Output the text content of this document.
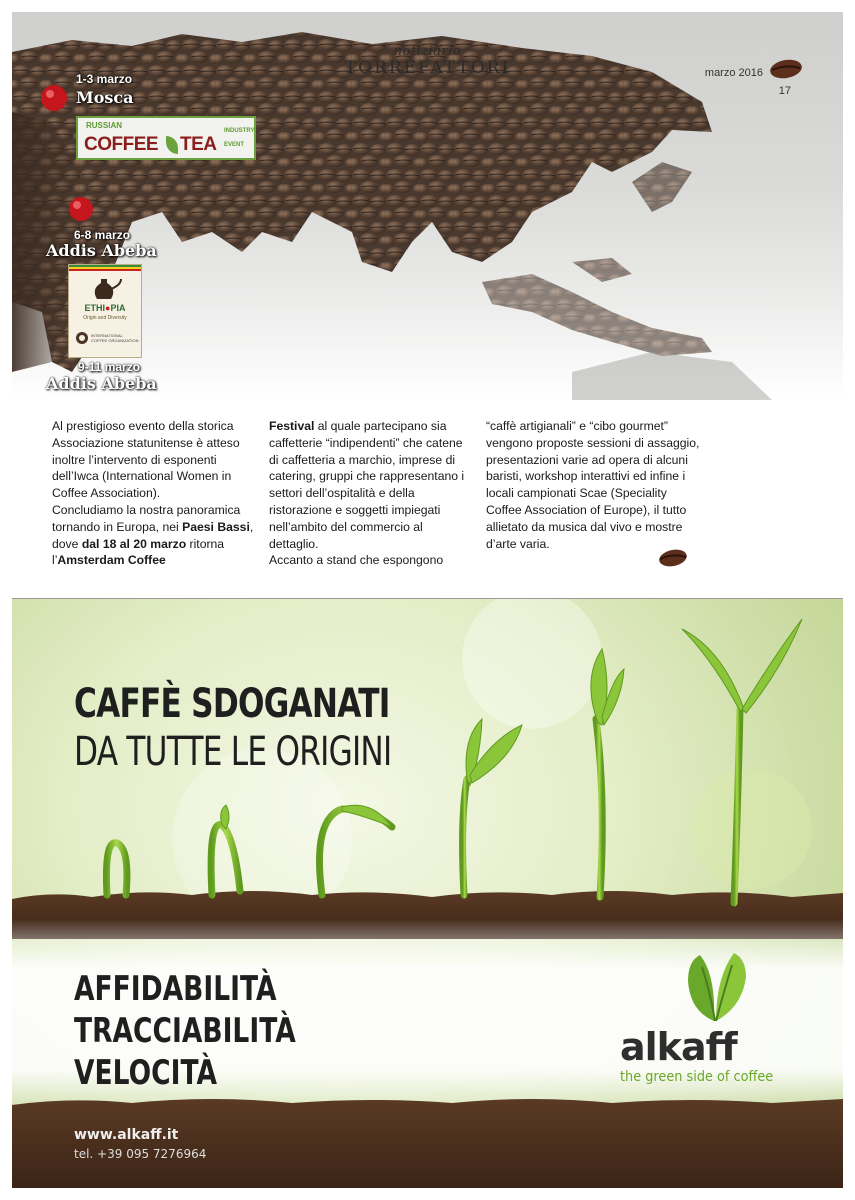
notiziario
TORREFATTORI	marzo 2016
17
1-3 marzo
Mosca
RUSSIAN
INDUSTRY
EVENT
COFFEE TEA
6-8 marzo
Addis Abeba
ETHI●PIA
Origin and Diversity
INTERNATIONAL COFFEE ORGANIZATION
9-11 marzo
Addis Abeba

Al prestigioso evento della storica Associazione statunitense è atteso inoltre l’intervento di esponenti dell’Iwca (International Women in Coffee Association).

Concludiamo la nostra panoramica tornando in Europa, nei Paesi Bassi, dove dal 18 al 20 marzo ritorna l’Amsterdam Coffee

Festival al quale partecipano sia caffetterie “indipendenti” che catene di caffetteria a marchio, imprese di catering, gruppi che rappresentano i settori dell’ospitalità e della ristorazione e soggetti impiegati nell’ambito del commercio al dettaglio.

Accanto a stand che espongono

“caffè artigianali” e “cibo gourmet” vengono proposte sessioni di assaggio, presentazioni varie ad opera di alcuni baristi, workshop interattivi ed infine i locali campionati Scae (Speciality Coffee Association of Europe), il tutto allietato da musica dal vivo e mostre d’arte varia.

CAFFÈ SDOGANATI
DA TUTTE LE ORIGINI
AFFIDABILITÀ
TRACCIABILITÀ
VELOCITÀ
alkaff
the green side of coffee
www.alkaff.it
tel. +39 095 7276964
